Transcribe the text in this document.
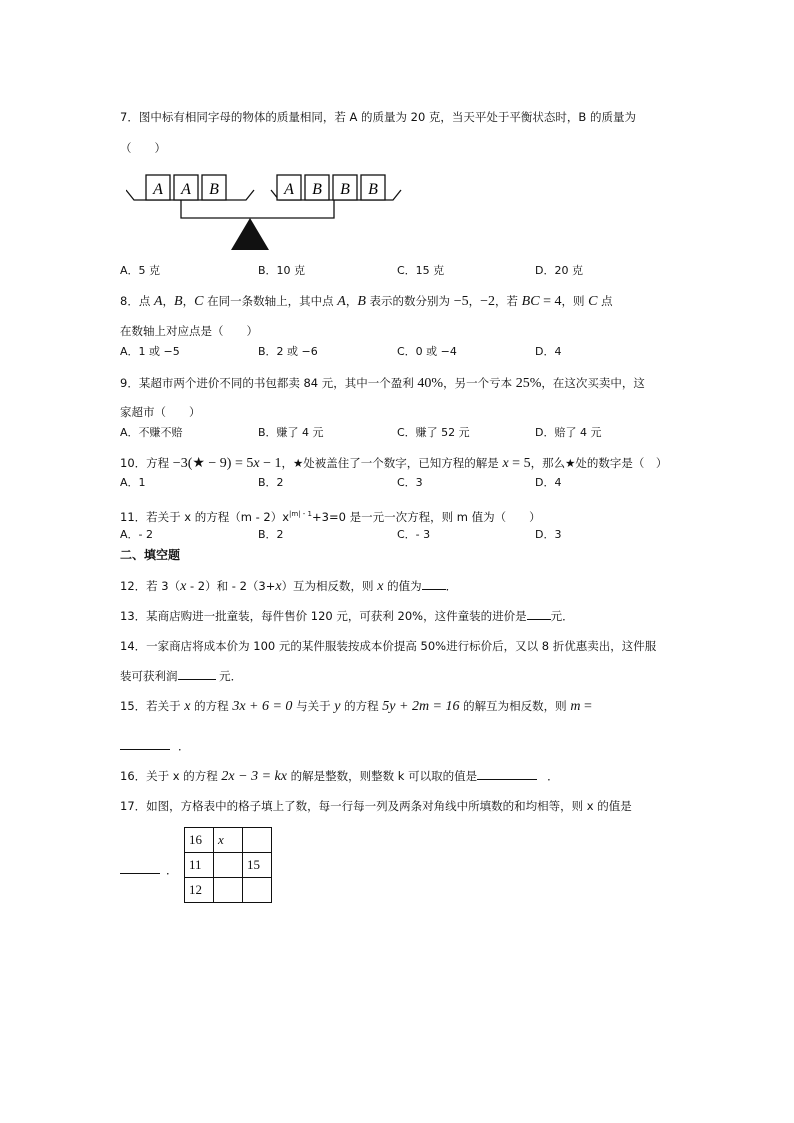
7．图中标有相同字母的物体的质量相同，若 A 的质量为 20 克，当天平处于平衡状态时，B 的质量为
（　　）
A A B	A B B B
A．5 克	B．10 克	C．15 克	D．20 克
8．点 A，B，C 在同一条数轴上，其中点 A，B 表示的数分别为 −5，−2，若 BC = 4，则 C 点
在数轴上对应点是（　　）
A．1 或 −5	B．2 或 −6	C．0 或 −4	D．4
9．某超市两个进价不同的书包都卖 84 元，其中一个盈利 40%，另一个亏本 25%，在这次买卖中，这
家超市（　　）
A．不赚不赔	B．赚了 4 元	C．赚了 52 元	D．赔了 4 元
10．方程 −3(★ − 9) = 5x − 1，★处被盖住了一个数字，已知方程的解是 x = 5，那么★处的数字是（　）
A．1	B．2	C．3	D．4
11．若关于 x 的方程$(m - 2)x^{|m| - 1}+3=0$ 是一元一次方程，则 m 值为（　　）
A．- 2	B．2	C．- 3	D．3
二、填空题
12．若 3（x - 2）和 - 2（3+x）互为相反数，则 x 的值为 ．
13．某商店购进一批童装，每件售价 120 元，可获利 20%，这件童装的进价是 元．
14．一家商店将成本价为 100 元的某件服装按成本价提高 50%进行标价后，又以 8 折优惠卖出，这件服
装可获利润	元．
15．若关于 x 的方程 3x + 6 = 0 与关于 y 的方程 5y + 2m = 16 的解互为相反数，则 m =
．
16．关于 x 的方程 2x − 3 = kx 的解是整数，则整数 k 可以取的值是	．
17．如图，方格表中的格子填上了数，每一行每一列及两条对角线中所填数的和均相等，则 x 的值是
．
16	x	
11		15
12		
